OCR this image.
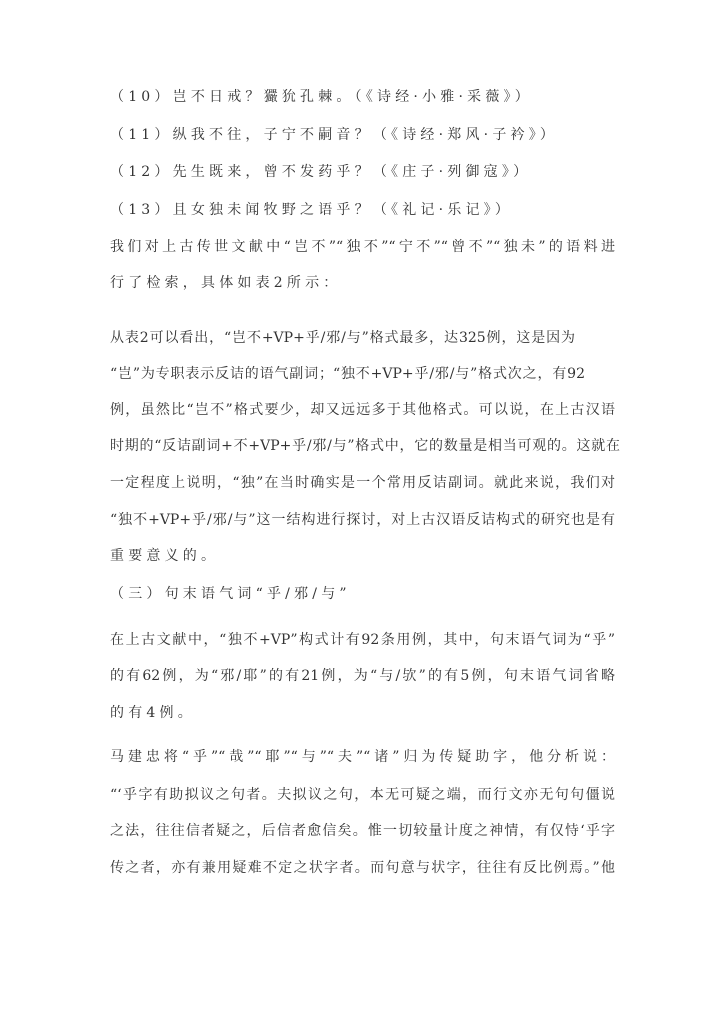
（10）岂不日戒？玁狁孔棘。（《诗经·小雅·采薇》）
（11）纵我不往，子宁不嗣音？（《诗经·郑风·子衿》）
（12）先生既来，曾不发药乎？（《庄子·列御寇》）
（13）且女独未闻牧野之语乎？（《礼记·乐记》）
我们对上古传世文献中“岂不”“独不”“宁不”“曾不”“独未”的语料进
行了检索，具体如表2所示：
从表2可以看出，“岂不+VP+乎/邪/与”格式最多，达325例，这是因为
“岂”为专职表示反诘的语气副词；“独不+VP+乎/邪/与”格式次之，有92
例，虽然比“岂不”格式要少，却又远远多于其他格式。可以说，在上古汉语
时期的“反诘副词+不+VP+乎/邪/与”格式中，它的数量是相当可观的。这就在
一定程度上说明，“独”在当时确实是一个常用反诘副词。就此来说，我们对
“独不+VP+乎/邪/与”这一结构进行探讨，对上古汉语反诘构式的研究也是有
重要意义的。
（三）句末语气词“乎/邪/与”
在上古文献中，“独不+VP”构式计有92条用例，其中，句末语气词为“乎”
的有62例，为“邪/耶”的有21例，为“与/欤”的有5例，句末语气词省略
的有4例。
马建忠将“乎”“哉”“耶”“与”“夫”“诸”归为传疑助字，他分析说：
“‘乎字有助拟议之句者。夫拟议之句，本无可疑之端，而行文亦无句句僵说
之法，往往信者疑之，后信者愈信矣。惟一切较量计度之神情，有仅恃‘乎字
传之者，亦有兼用疑难不定之状字者。而句意与状字，往往有反比例焉。”他
